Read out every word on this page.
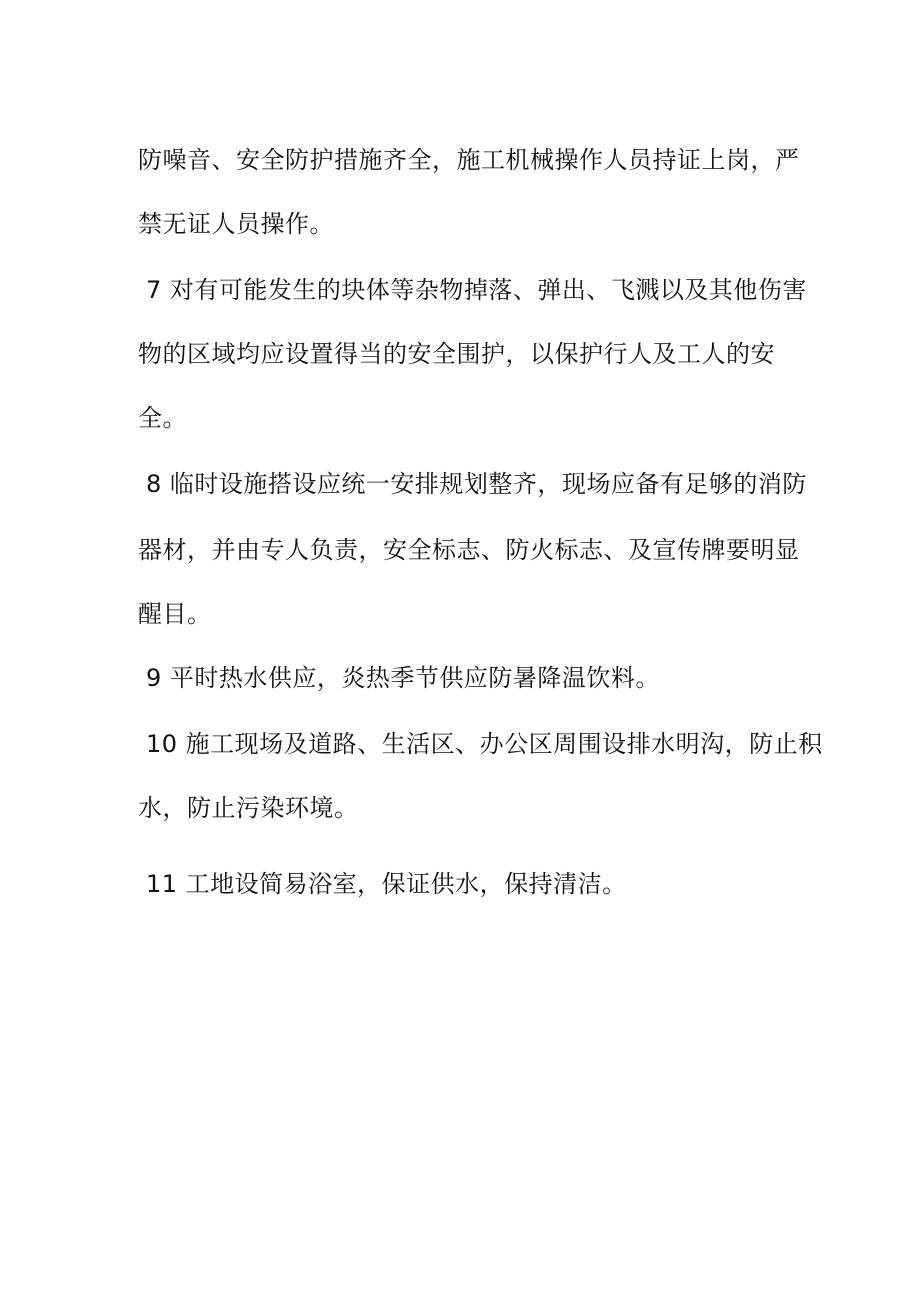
防噪音、安全防护措施齐全，施工机械操作人员持证上岗，严
禁无证人员操作。
7 对有可能发生的块体等杂物掉落、弹出、飞溅以及其他伤害
物的区域均应设置得当的安全围护，以保护行人及工人的安
全。
8 临时设施搭设应统一安排规划整齐，现场应备有足够的消防
器材，并由专人负责，安全标志、防火标志、及宣传牌要明显
醒目。
9 平时热水供应，炎热季节供应防暑降温饮料。
10 施工现场及道路、生活区、办公区周围设排水明沟，防止积
水，防止污染环境。
11 工地设简易浴室，保证供水，保持清洁。
